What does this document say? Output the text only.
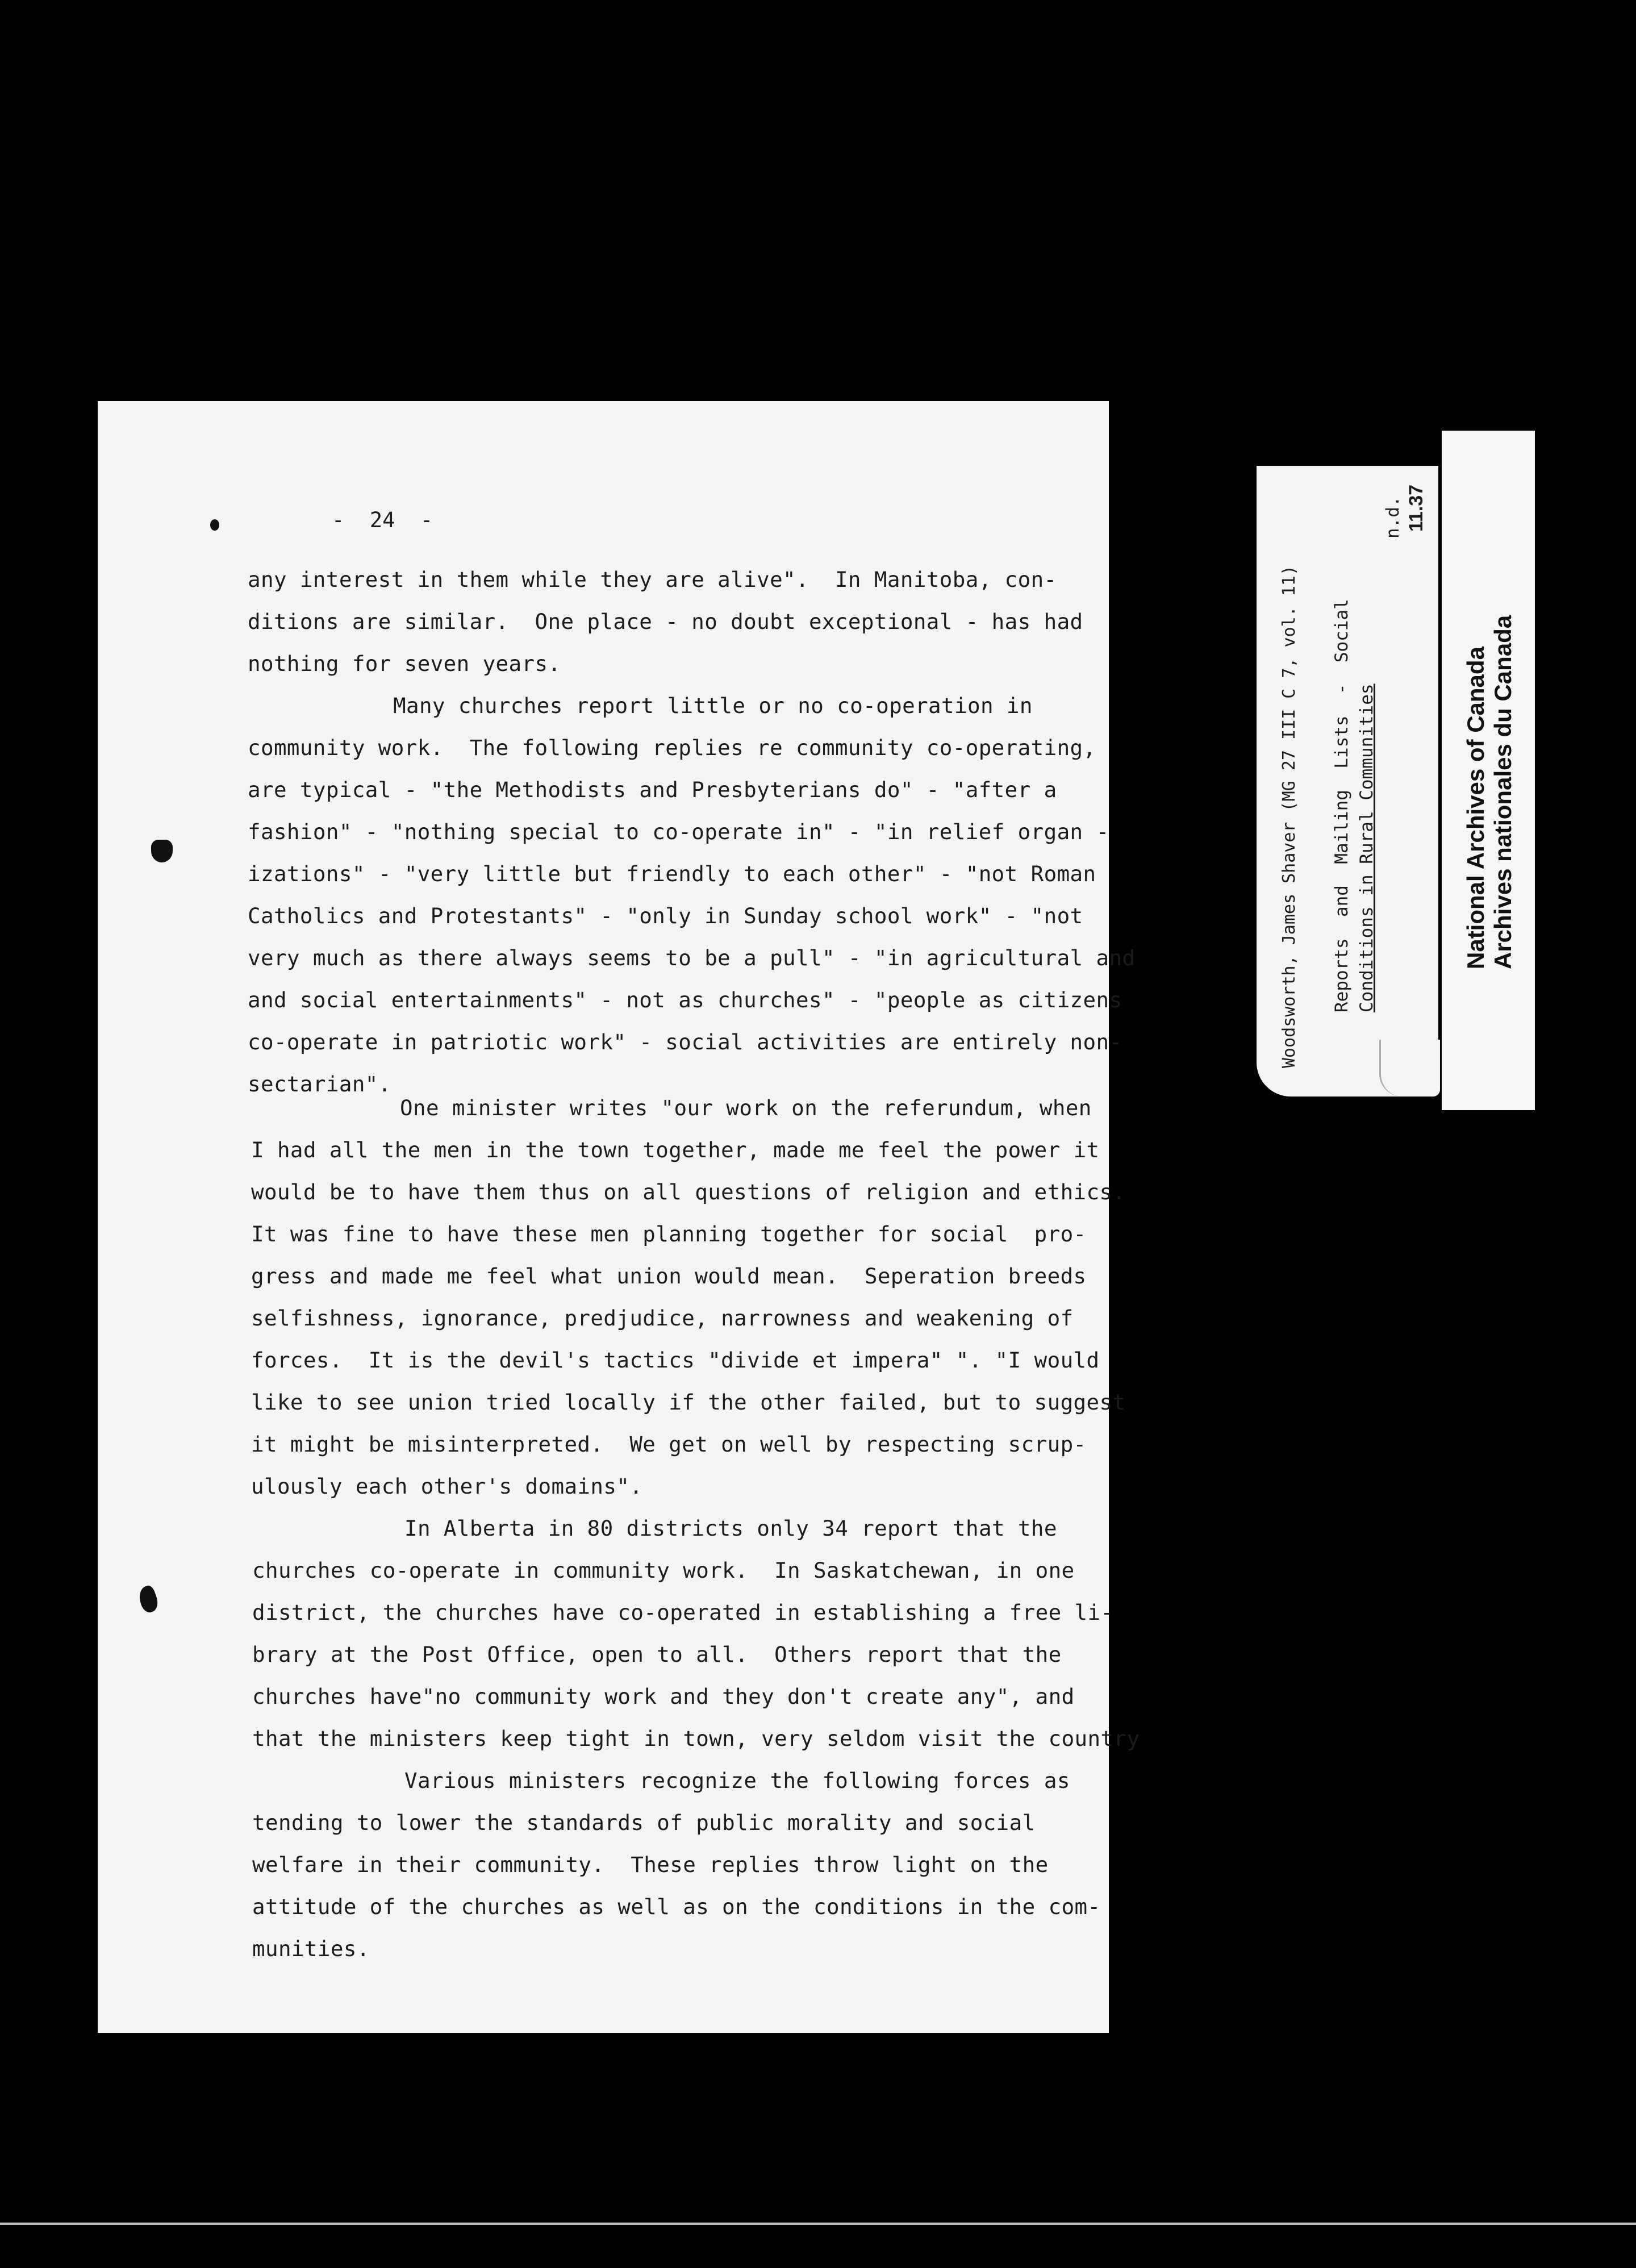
-  24  -
any interest in them while they are alive".  In Manitoba, con-
ditions are similar.  One place - no doubt exceptional - has had
nothing for seven years.
Many churches report little or no co-operation in
community work.  The following replies re community co-operating,
are typical - "the Methodists and Presbyterians do" - "after a
fashion" - "nothing special to co-operate in" - "in relief organ -
izations" - "very little but friendly to each other" - "not Roman
Catholics and Protestants" - "only in Sunday school work" - "not
very much as there always seems to be a pull" - "in agricultural and
and social entertainments" - not as churches" - "people as citizens
co-operate in patriotic work" - social activities are entirely non-
sectarian".
One minister writes "our work on the referundum, when
I had all the men in the town together, made me feel the power it
would be to have them thus on all questions of religion and ethics.
It was fine to have these men planning together for social  pro-
gress and made me feel what union would mean.  Seperation breeds
selfishness, ignorance, predjudice, narrowness and weakening of
forces.  It is the devil's tactics "divide et impera" ". "I would
like to see union tried locally if the other failed, but to suggest
it might be misinterpreted.  We get on well by respecting scrup-
ulously each other's domains".
In Alberta in 80 districts only 34 report that the
churches co-operate in community work.  In Saskatchewan, in one
district, the churches have co-operated in establishing a free li-
brary at the Post Office, open to all.  Others report that the
churches have"no community work and they don't create any", and
that the ministers keep tight in town, very seldom visit the country
Various ministers recognize the following forces as
tending to lower the standards of public morality and social
welfare in their community.  These replies throw light on the
attitude of the churches as well as on the conditions in the com-
munities.
Woodsworth, James Shaver (MG 27 III C 7, vol. 11) Reports  and  Mailing  Lists  -  Social Conditions in Rural Communities
n.d. 11.37
National Archives of Canada Archives nationales du Canada
